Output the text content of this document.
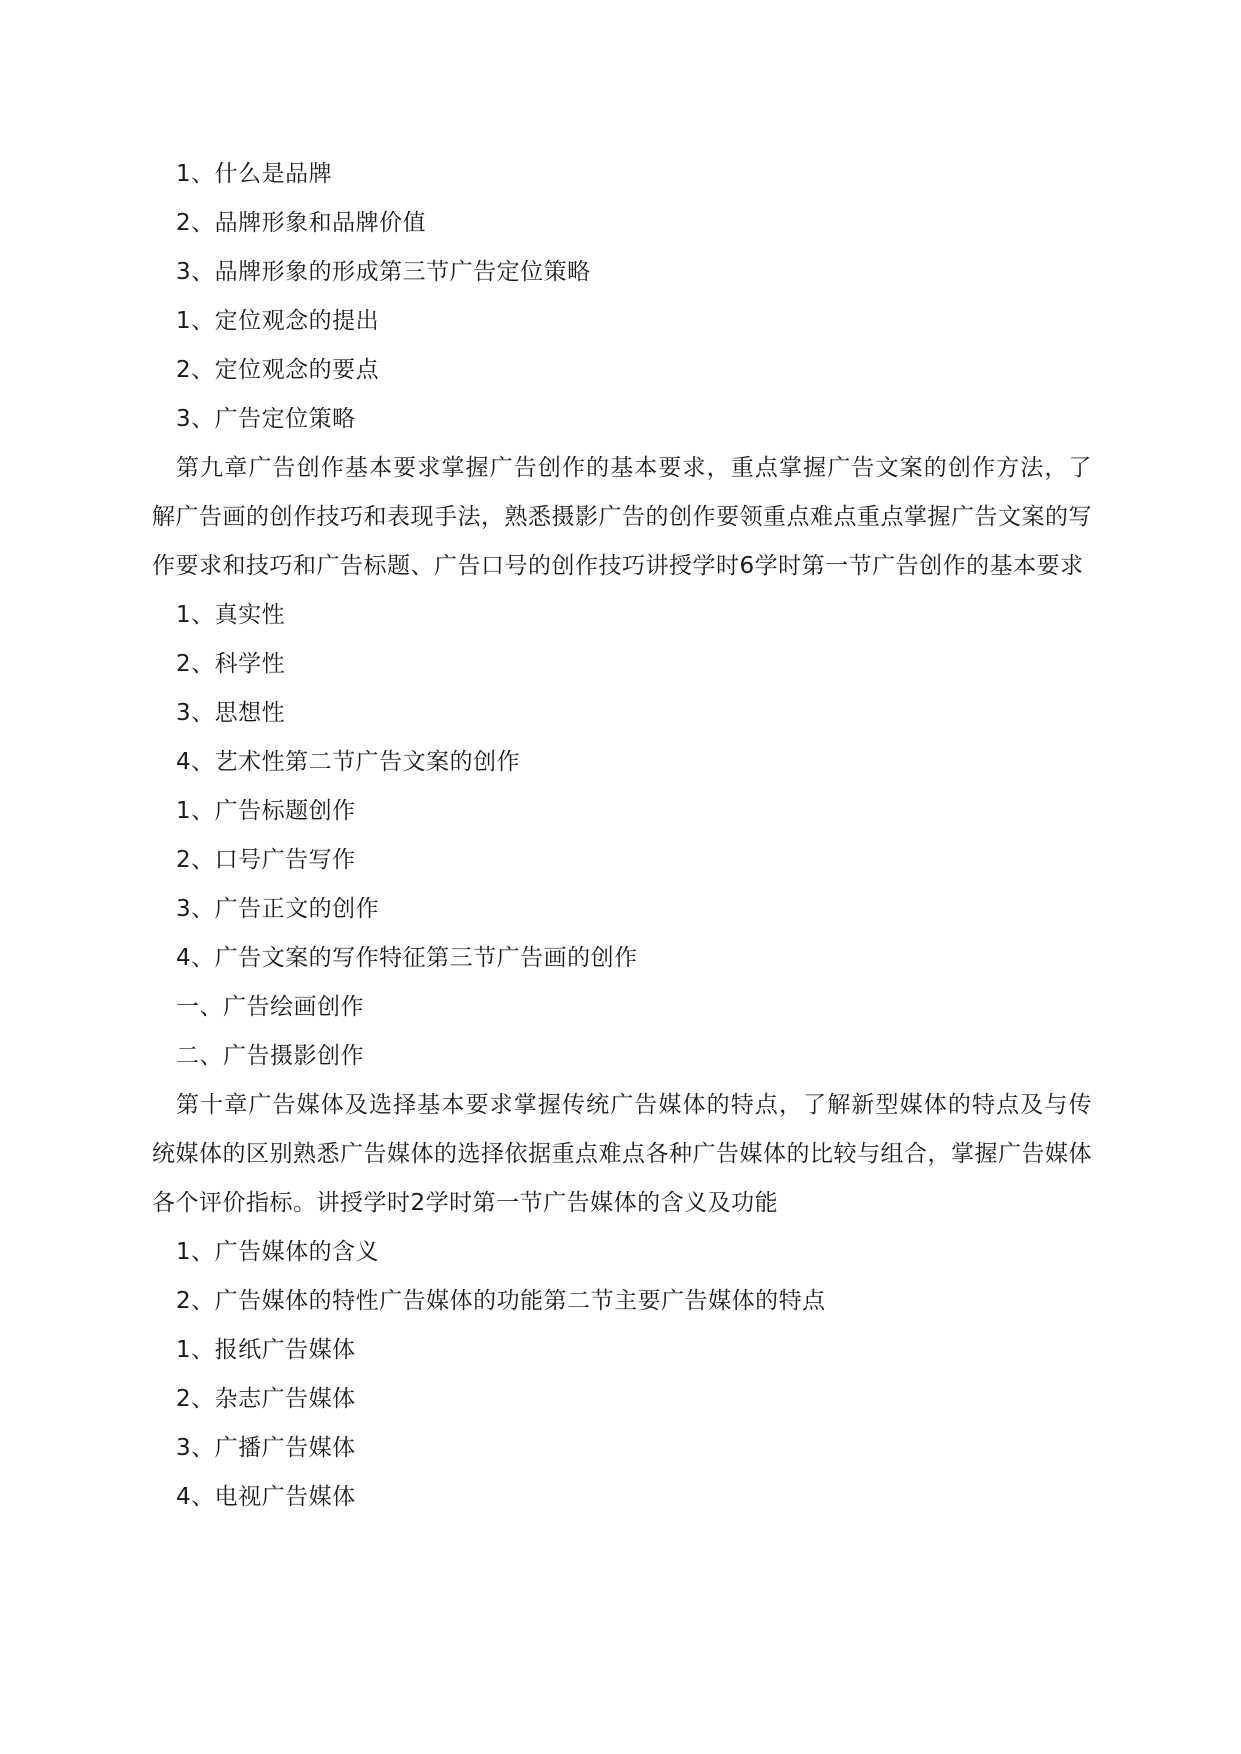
1、什么是品牌
2、品牌形象和品牌价值
3、品牌形象的形成第三节广告定位策略
1、定位观念的提出
2、定位观念的要点
3、广告定位策略

第九章广告创作基本要求掌握广告创作的基本要求，重点掌握广告文案的创作方法，了解广告画的创作技巧和表现手法，熟悉摄影广告的创作要领重点难点重点掌握广告文案的写作要求和技巧和广告标题、广告口号的创作技巧讲授学时6学时第一节广告创作的基本要求

1、真实性
2、科学性
3、思想性
4、艺术性第二节广告文案的创作
1、广告标题创作
2、口号广告写作
3、广告正文的创作
4、广告文案的写作特征第三节广告画的创作
一、广告绘画创作
二、广告摄影创作

第十章广告媒体及选择基本要求掌握传统广告媒体的特点，了解新型媒体的特点及与传统媒体的区别熟悉广告媒体的选择依据重点难点各种广告媒体的比较与组合，掌握广告媒体各个评价指标。讲授学时2学时第一节广告媒体的含义及功能

1、广告媒体的含义
2、广告媒体的特性广告媒体的功能第二节主要广告媒体的特点
1、报纸广告媒体
2、杂志广告媒体
3、广播广告媒体
4、电视广告媒体
